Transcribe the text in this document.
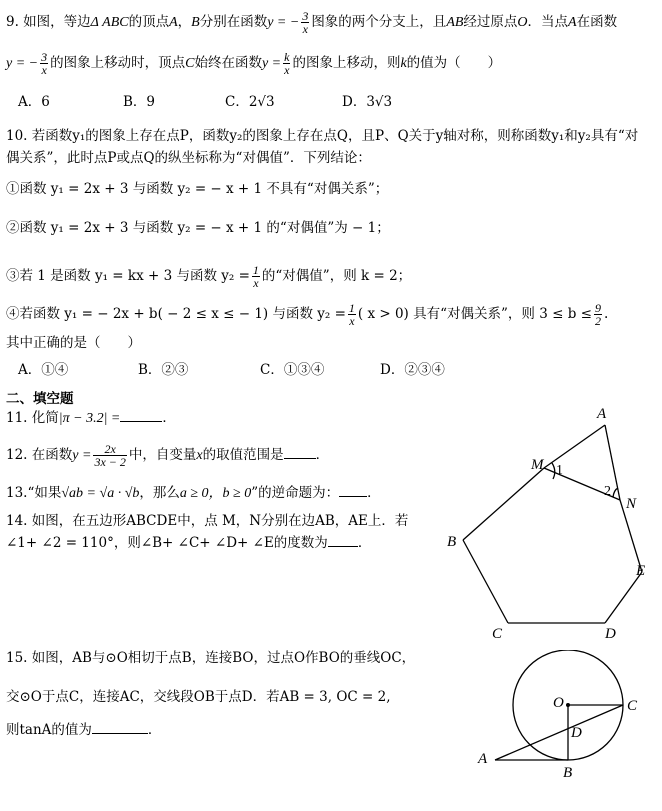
9. 如图，等边Δ ABC的顶点A，B分别在函数y = − $\frac{3}{x}$ 图象的两个分支上，且AB经过原点O．当点A在函数
y = − $\frac{3}{x}$ 的图象上移动时，顶点C始终在函数$y = \frac{k}{x}$ 的图象上移动，则k的值为（　　）
A．6	B．9	C．2√3	D．3√3
10. 若函数y₁的图象上存在点P，函数y₂的图象上存在点Q，且P、Q关于y轴对称，则称函数y₁和y₂具有“对
偶关系”，此时点P或点Q的纵坐标称为“对偶值”．下列结论：
①函数 y₁ = 2x + 3 与函数 y₂ = − x + 1 不具有“对偶关系”；
②函数 y₁ = 2x + 3 与函数 y₂ = − x + 1 的“对偶值”为 − 1；
③若 1 是函数 y₁ = kx + 3 与函数 $y_2 = \frac{1}{x}$ 的“对偶值”，则 k = 2；
④若函数 y₁ = − 2x + b( − 2 ≤ x ≤ − 1) 与函数 $y_2 = \frac{1}{x}$ ( x > 0) 具有“对偶关系”，则 $3 \le b \le \frac{9}{2}$ .
其中正确的是（　　）
A．①④	B．②③	C．①③④	D．②③④
二、填空题
11. 化简|π − 3.2| =	．
12. 在函数$y = \frac{2x}{3x - 2}$ 中，自变量x的取值范围是 ．
13.“如果√ab = √a · √b，那么a ≥ 0，b ≥ 0”的逆命题为： ．
14. 如图，在五边形ABCDE中，点 M，N分别在边AB，AE上．若
∠1+ ∠2 = 110°，则∠B+ ∠C+ ∠D+ ∠E的度数为 ．
A
M 1
2
N
B
E
C	D
15. 如图，AB与⊙O相切于点B，连接BO，过点O作BO的垂线OC，
交⊙O于点C，连接AC，交线段OB于点D．若AB = 3, OC = 2,
则tanA的值为	．
O	C
D
A
B
